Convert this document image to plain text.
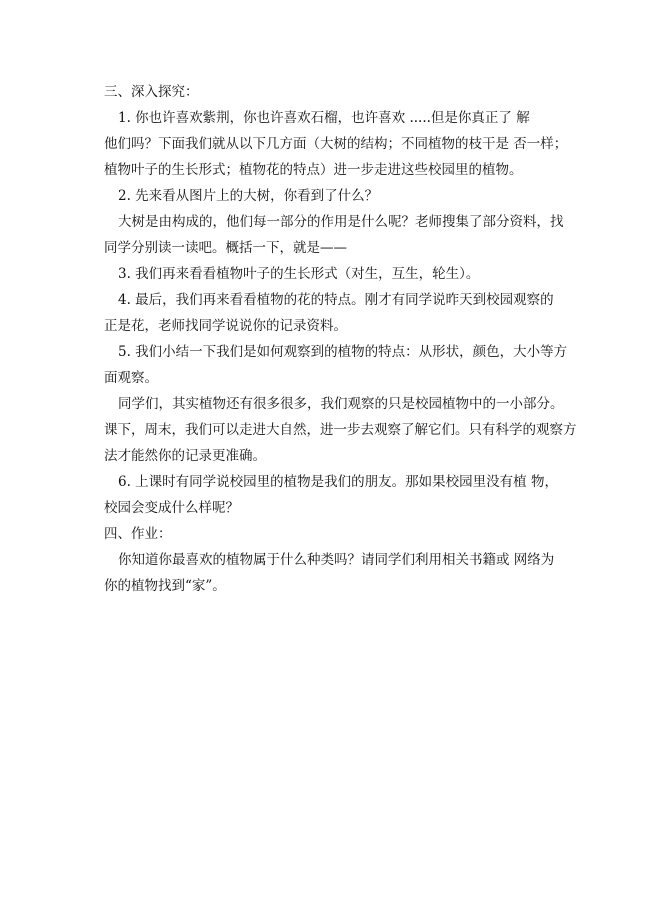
三、深入探究：
1. 你也许喜欢紫荆，你也许喜欢石榴，也许喜欢 .....但是你真正了 解
他们吗？下面我们就从以下几方面（大树的结构；不同植物的枝干是 否一样；
植物叶子的生长形式；植物花的特点）进一步走进这些校园里的植物。
2. 先来看从图片上的大树，你看到了什么？
大树是由构成的，他们每一部分的作用是什么呢？老师搜集了部分资料，找
同学分别读一读吧。概括一下，就是——
3. 我们再来看看植物叶子的生长形式（对生，互生，轮生）。
4. 最后，我们再来看看植物的花的特点。刚才有同学说昨天到校园观察的
正是花，老师找同学说说你的记录资料。
5. 我们小结一下我们是如何观察到的植物的特点：从形状，颜色，大小等方
面观察。
同学们，其实植物还有很多很多，我们观察的只是校园植物中的一小部分。
课下，周末，我们可以走进大自然，进一步去观察了解它们。只有科学的观察方
法才能然你的记录更准确。
6. 上课时有同学说校园里的植物是我们的朋友。那如果校园里没有植 物，
校园会变成什么样呢？
四、作业：
你知道你最喜欢的植物属于什么种类吗？请同学们利用相关书籍或 网络为
你的植物找到“家”。
